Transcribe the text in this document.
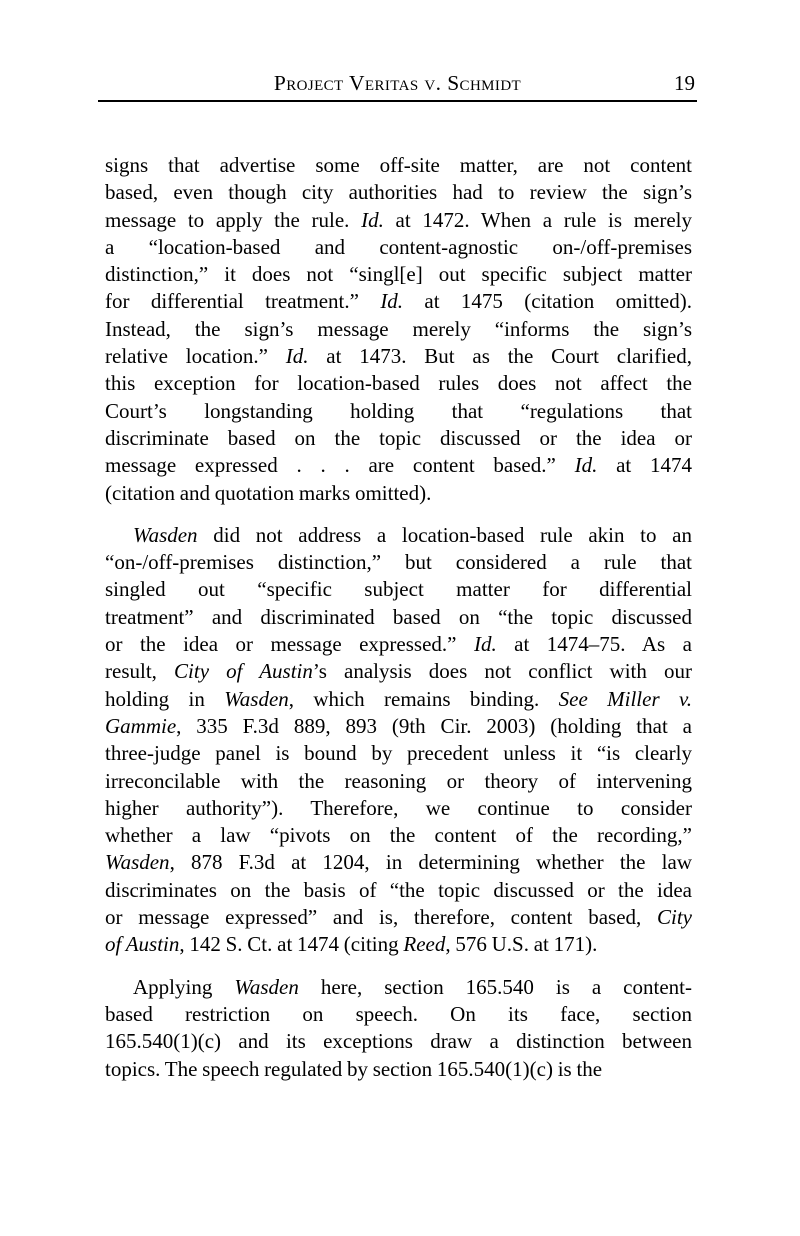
Project Veritas v. Schmidt	19
signs that advertise some off-site matter, are not content
based, even though city authorities had to review the sign’s
message to apply the rule. Id. at 1472. When a rule is merely
a “location-based and content-agnostic on-/off-premises
distinction,” it does not “singl[e] out specific subject matter
for differential treatment.” Id. at 1475 (citation omitted).
Instead, the sign’s message merely “informs the sign’s
relative location.” Id. at 1473. But as the Court clarified,
this exception for location-based rules does not affect the
Court’s longstanding holding that “regulations that
discriminate based on the topic discussed or the idea or
message expressed . . . are content based.” Id. at 1474
(citation and quotation marks omitted).
Wasden did not address a location-based rule akin to an
“on-/off-premises distinction,” but considered a rule that
singled out “specific subject matter for differential
treatment” and discriminated based on “the topic discussed
or the idea or message expressed.” Id. at 1474–75. As a
result, City of Austin’s analysis does not conflict with our
holding in Wasden, which remains binding. See Miller v.
Gammie, 335 F.3d 889, 893 (9th Cir. 2003) (holding that a
three-judge panel is bound by precedent unless it “is clearly
irreconcilable with the reasoning or theory of intervening
higher authority”). Therefore, we continue to consider
whether a law “pivots on the content of the recording,”
Wasden, 878 F.3d at 1204, in determining whether the law
discriminates on the basis of “the topic discussed or the idea
or message expressed” and is, therefore, content based, City
of Austin, 142 S. Ct. at 1474 (citing Reed, 576 U.S. at 171).
Applying Wasden here, section 165.540 is a content-
based restriction on speech. On its face, section
165.540(1)(c) and its exceptions draw a distinction between
topics. The speech regulated by section 165.540(1)(c) is the
